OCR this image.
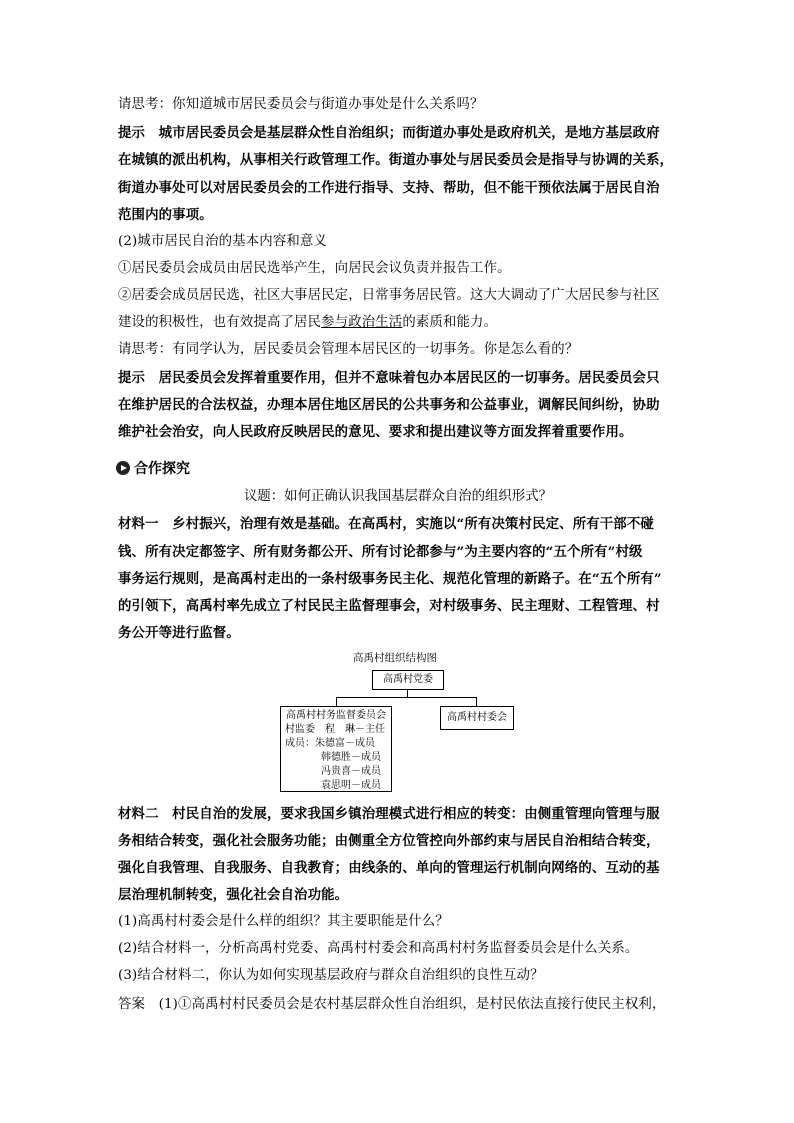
请思考：你知道城市居民委员会与街道办事处是什么关系吗？
提示　城市居民委员会是基层群众性自治组织；而街道办事处是政府机关，是地方基层政府
在城镇的派出机构，从事相关行政管理工作。街道办事处与居民委员会是指导与协调的关系，
街道办事处可以对居民委员会的工作进行指导、支持、帮助，但不能干预依法属于居民自治
范围内的事项。
(2)城市居民自治的基本内容和意义
①居民委员会成员由居民选举产生，向居民会议负责并报告工作。
②居委会成员居民选，社区大事居民定，日常事务居民管。这大大调动了广大居民参与社区
建设的积极性，也有效提高了居民参与政治生活的素质和能力。
请思考：有同学认为，居民委员会管理本居民区的一切事务。你是怎么看的？
提示　居民委员会发挥着重要作用，但并不意味着包办本居民区的一切事务。居民委员会只
在维护居民的合法权益，办理本居住地区居民的公共事务和公益事业，调解民间纠纷，协助
维护社会治安，向人民政府反映居民的意见、要求和提出建议等方面发挥着重要作用。
合作探究
议题：如何正确认识我国基层群众自治的组织形式？
材料一　乡村振兴，治理有效是基础。在高禹村，实施以“所有决策村民定、所有干部不碰
钱、所有决定都签字、所有财务都公开、所有讨论都参与”为主要内容的“五个所有”村级
事务运行规则，是高禹村走出的一条村级事务民主化、规范化管理的新路子。在“五个所有”
的引领下，高禹村率先成立了村民民主监督理事会，对村级事务、民主理财、工程管理、村
务公开等进行监督。
高禹村组织结构图
高禹村党委
高禹村村务监督委员会
村监委　程　琳－主任
成员：朱德富－成员
韩德胜－成员
冯贵喜－成员
袁思明－成员
高禹村村委会
材料二　村民自治的发展，要求我国乡镇治理模式进行相应的转变：由侧重管理向管理与服
务相结合转变，强化社会服务功能；由侧重全方位管控向外部约束与居民自治相结合转变，
强化自我管理、自我服务、自我教育；由线条的、单向的管理运行机制向网络的、互动的基
层治理机制转变，强化社会自治功能。
(1)高禹村村委会是什么样的组织？其主要职能是什么？
(2)结合材料一，分析高禹村党委、高禹村村委会和高禹村村务监督委员会是什么关系。
(3)结合材料二，你认为如何实现基层政府与群众自治组织的良性互动？
答案　(1)①高禹村村民委员会是农村基层群众性自治组织，是村民依法直接行使民主权利，
